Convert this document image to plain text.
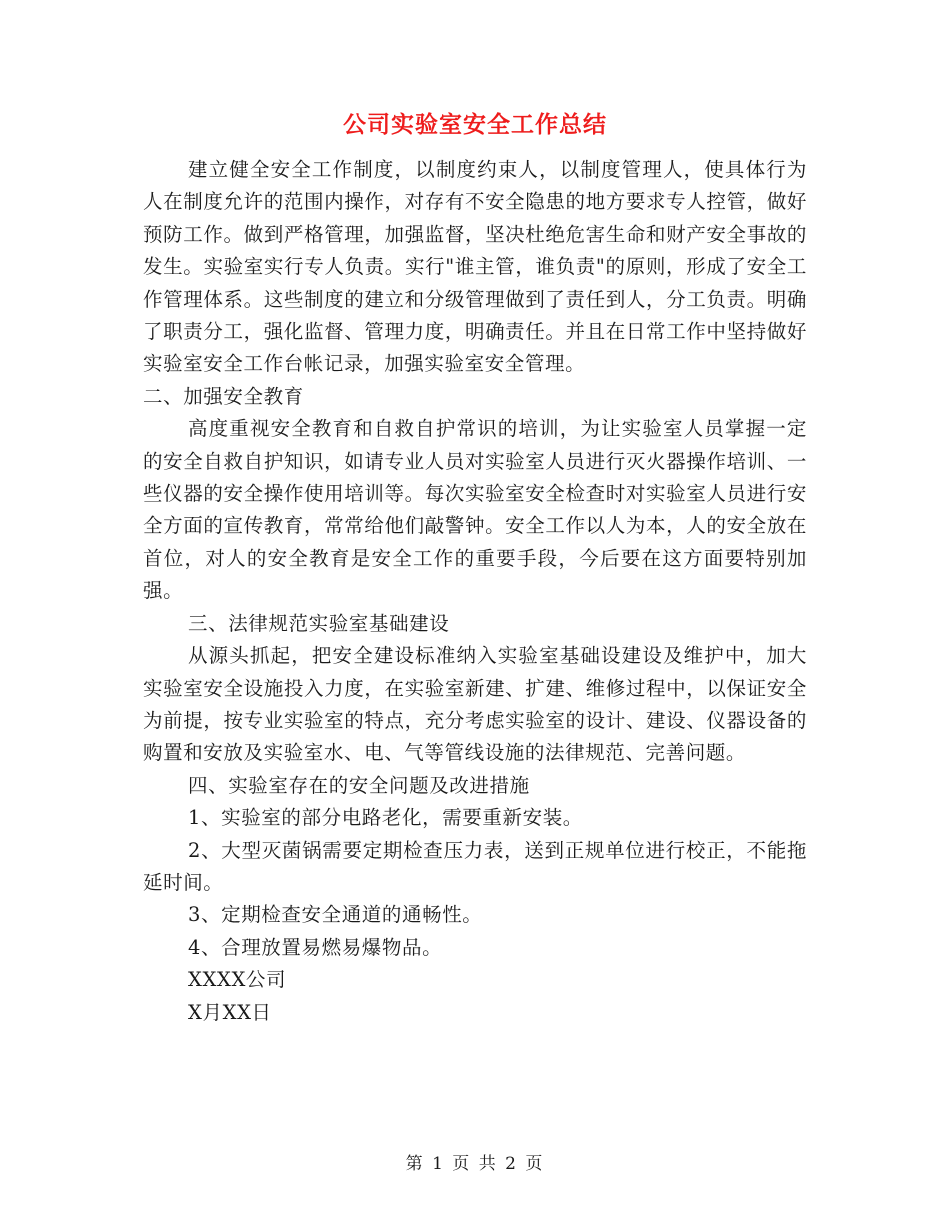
公司实验室安全工作总结

建立健全安全工作制度，以制度约束人，以制度管理人，使具体行为人在制度允许的范围内操作，对存有不安全隐患的地方要求专人控管，做好预防工作。做到严格管理，加强监督，坚决杜绝危害生命和财产安全事故的发生。实验室实行专人负责。实行"谁主管，谁负责"的原则，形成了安全工作管理体系。这些制度的建立和分级管理做到了责任到人，分工负责。明确了职责分工，强化监督、管理力度，明确责任。并且在日常工作中坚持做好实验室安全工作台帐记录，加强实验室安全管理。

二、加强安全教育

高度重视安全教育和自救自护常识的培训，为让实验室人员掌握一定的安全自救自护知识，如请专业人员对实验室人员进行灭火器操作培训、一些仪器的安全操作使用培训等。每次实验室安全检查时对实验室人员进行安全方面的宣传教育，常常给他们敲警钟。安全工作以人为本，人的安全放在首位，对人的安全教育是安全工作的重要手段，今后要在这方面要特别加强。

三、法律规范实验室基础建设

从源头抓起，把安全建设标准纳入实验室基础设建设及维护中，加大实验室安全设施投入力度，在实验室新建、扩建、维修过程中，以保证安全为前提，按专业实验室的特点，充分考虑实验室的设计、建设、仪器设备的购置和安放及实验室水、电、气等管线设施的法律规范、完善问题。

四、实验室存在的安全问题及改进措施

1、实验室的部分电路老化，需要重新安装。

2、大型灭菌锅需要定期检查压力表，送到正规单位进行校正，不能拖延时间。

3、定期检查安全通道的通畅性。

4、合理放置易燃易爆物品。

XXXX公司

X月XX日

第 1 页 共 2 页
